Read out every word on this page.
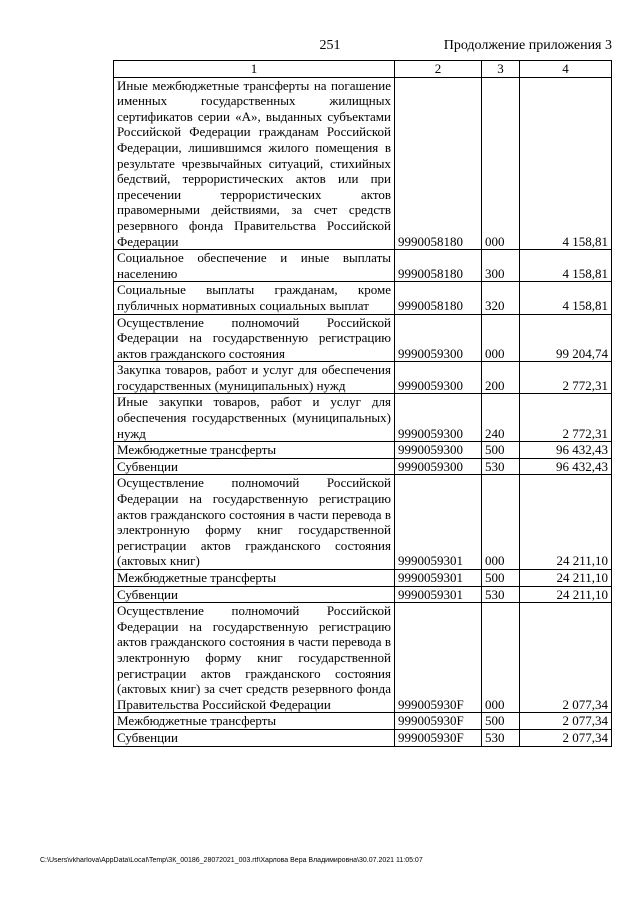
251	Продолжение приложения 3
1	2	3	4
Иные межбюджетные трансферты на погашение именных государственных жилищных сертификатов серии «А», выданных субъектами Российской Федерации гражданам Российской Федерации, лишившимся жилого помещения в результате чрезвычайных ситуаций, стихийных бедствий, террористических актов или при пресечении террористических актов правомерными действиями, за счет средств резервного фонда Правительства Российской Федерации	9990058180	000	4 158,81
Социальное обеспечение и иные выплаты населению	9990058180	300	4 158,81
Социальные выплаты гражданам, кроме публичных нормативных социальных выплат	9990058180	320	4 158,81
Осуществление полномочий Российской Федерации на государственную регистрацию актов гражданского состояния	9990059300	000	99 204,74
Закупка товаров, работ и услуг для обеспечения государственных (муниципальных) нужд	9990059300	200	2 772,31
Иные закупки товаров, работ и услуг для обеспечения государственных (муниципальных) нужд	9990059300	240	2 772,31
Межбюджетные трансферты	9990059300	500	96 432,43
Субвенции	9990059300	530	96 432,43
Осуществление полномочий Российской Федерации на государственную регистрацию актов гражданского состояния в части перевода в электронную форму книг государственной регистрации актов гражданского состояния (актовых книг)	9990059301	000	24 211,10
Межбюджетные трансферты	9990059301	500	24 211,10
Субвенции	9990059301	530	24 211,10
Осуществление полномочий Российской Федерации на государственную регистрацию актов гражданского состояния в части перевода в электронную форму книг государственной регистрации актов гражданского состояния (актовых книг) за счет средств резервного фонда Правительства Российской Федерации	999005930F	000	2 077,34
Межбюджетные трансферты	999005930F	500	2 077,34
Субвенции	999005930F	530	2 077,34
C:\Users\vkharlova\AppData\Local\Temp\ЗК_00186_28072021_003.rtf\Харлова Вера Владимировна\30.07.2021 11:05:07
